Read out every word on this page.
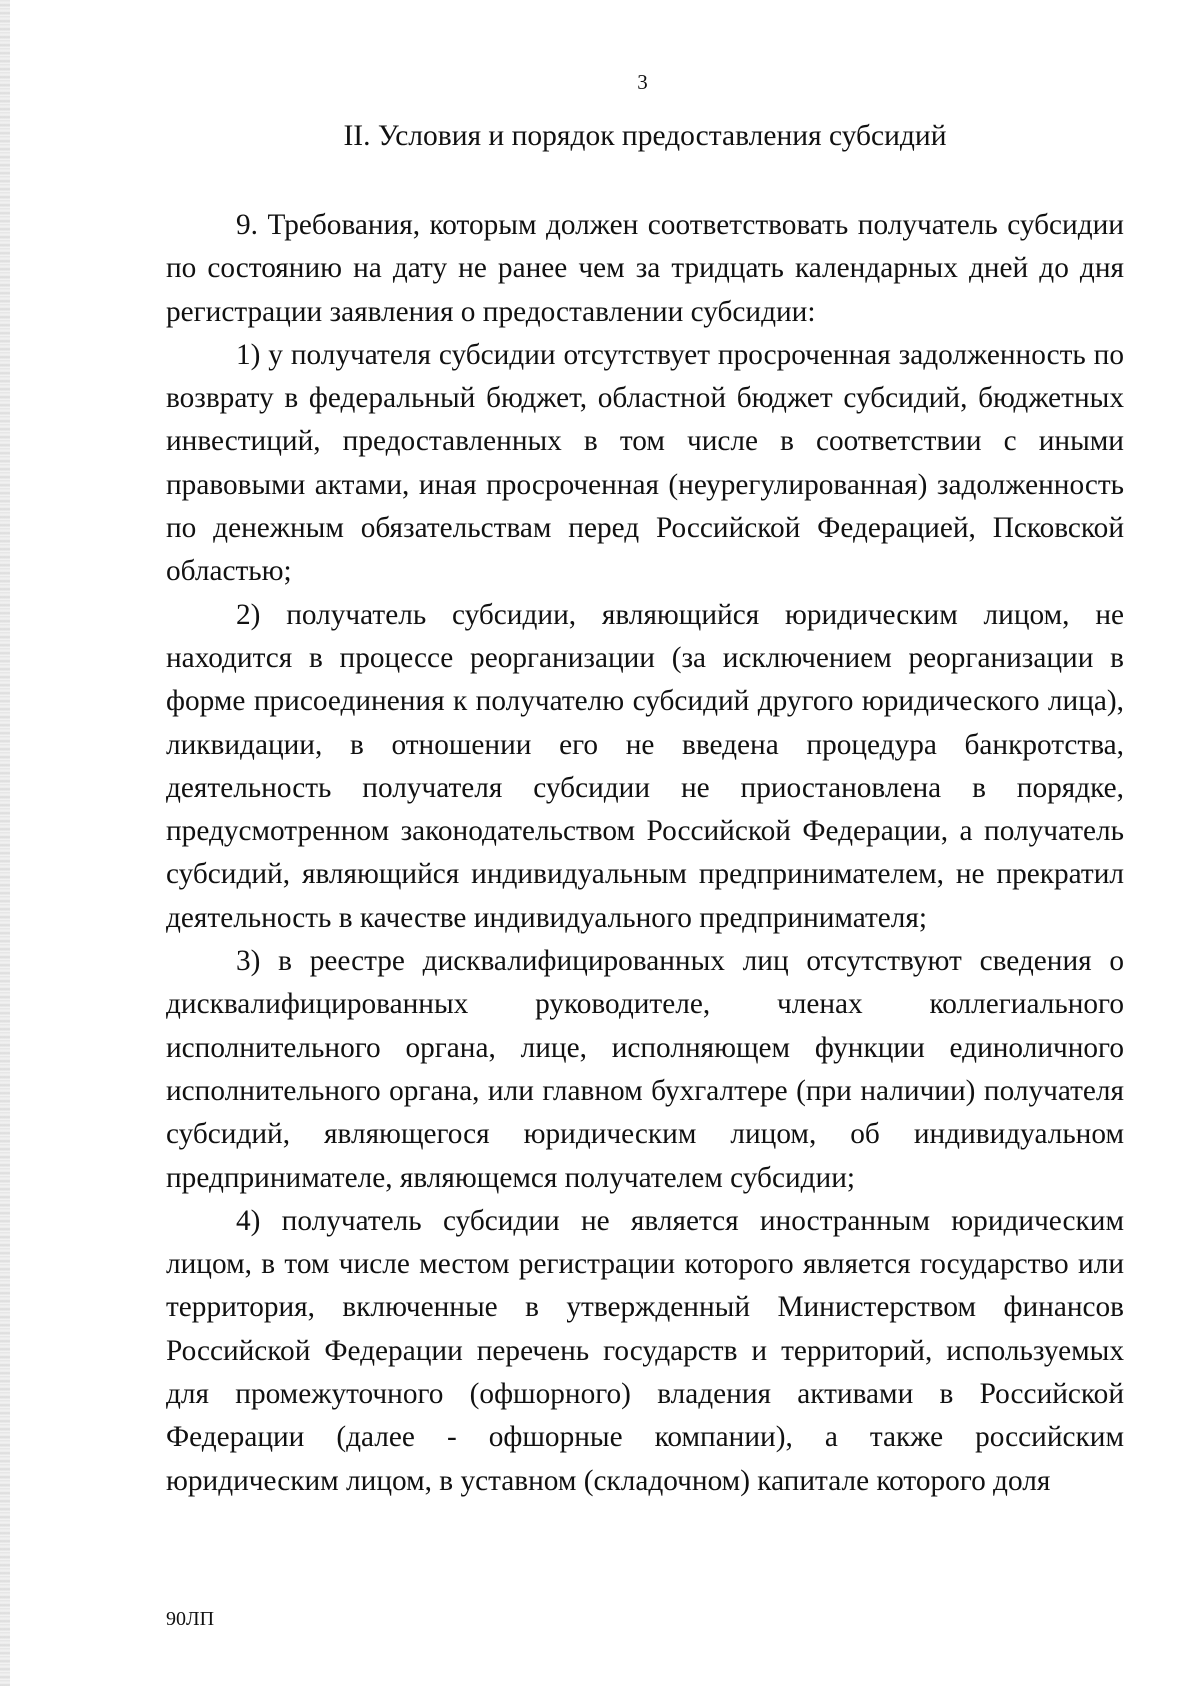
3
II. Условия и порядок предоставления субсидий

9. Требования, которым должен соответствовать получатель субсидии по состоянию на дату не ранее чем за тридцать календарных дней до дня регистрации заявления о предоставлении субсидии:

1) у получателя субсидии отсутствует просроченная задолженность по возврату в федеральный бюджет, областной бюджет субсидий, бюджетных инвестиций, предоставленных в том числе в соответствии с иными правовыми актами, иная просроченная (неурегулированная) задолженность по денежным обязательствам перед Российской Федерацией, Псковской областью;

2) получатель субсидии, являющийся юридическим лицом, не находится в процессе реорганизации (за исключением реорганизации в форме присоединения к получателю субсидий другого юридического лица), ликвидации, в отношении его не введена процедура банкротства, деятельность получателя субсидии не приостановлена в порядке, предусмотренном законодательством Российской Федерации, а получатель субсидий, являющийся индивидуальным предпринимателем, не прекратил деятельность в качестве индивидуального предпринимателя;

3) в реестре дисквалифицированных лиц отсутствуют сведения о дисквалифицированных руководителе, членах коллегиального исполнительного органа, лице, исполняющем функции единоличного исполнительного органа, или главном бухгалтере (при наличии) получателя субсидий, являющегося юридическим лицом, об индивидуальном предпринимателе, являющемся получателем субсидии;

4) получатель субсидии не является иностранным юридическим лицом, в том числе местом регистрации которого является государство или территория, включенные в утвержденный Министерством финансов Российской Федерации перечень государств и территорий, используемых для промежуточного (офшорного) владения активами в Российской Федерации (далее - офшорные компании), а также российским юридическим лицом, в уставном (складочном) капитале которого доля

90ЛП
